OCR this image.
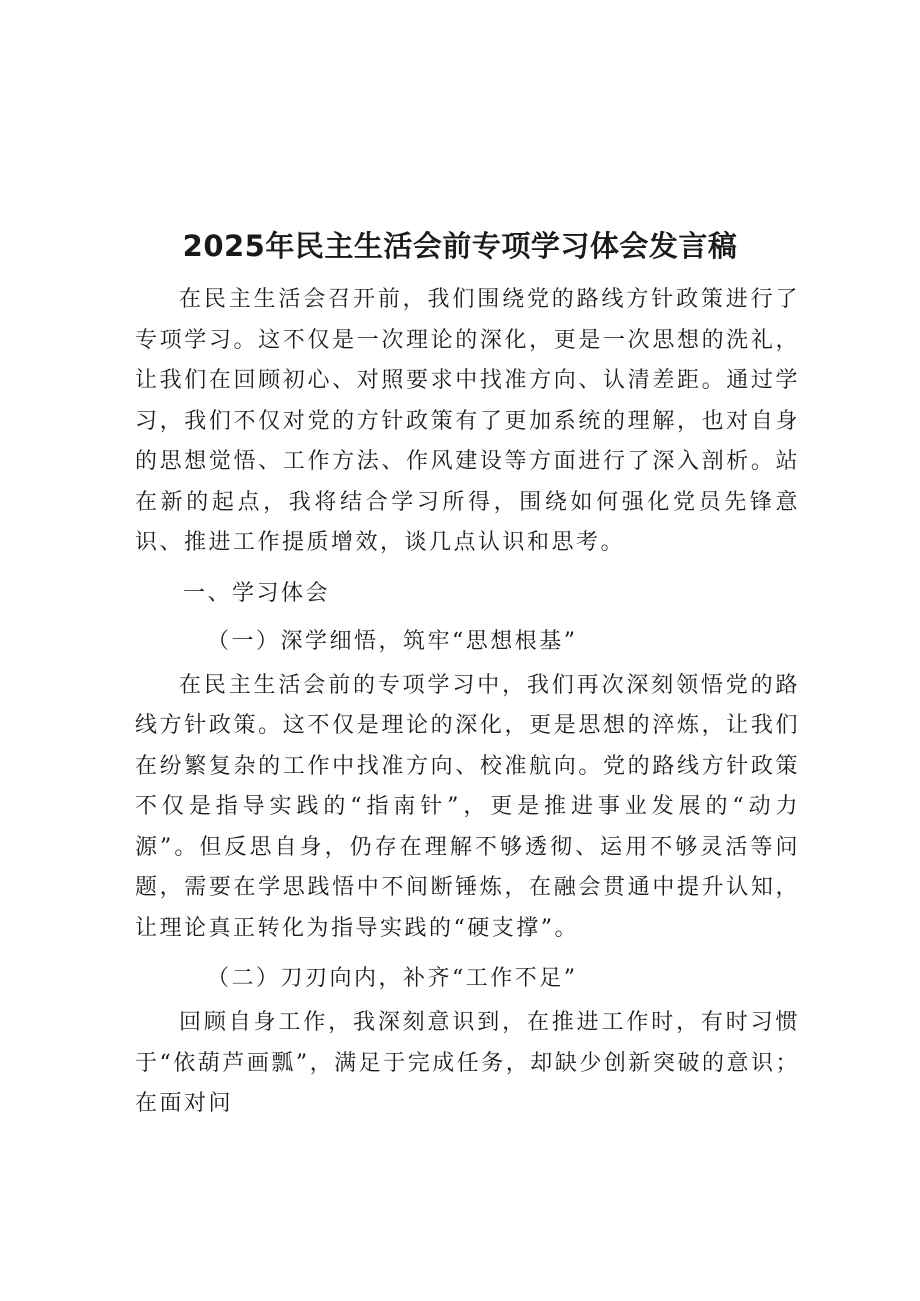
2025年民主生活会前专项学习体会发言稿

在民主生活会召开前，我们围绕党的路线方针政策进行了专项学习。这不仅是一次理论的深化，更是一次思想的洗礼，让我们在回顾初心、对照要求中找准方向、认清差距。通过学习，我们不仅对党的方针政策有了更加系统的理解，也对自身的思想觉悟、工作方法、作风建设等方面进行了深入剖析。站在新的起点，我将结合学习所得，围绕如何强化党员先锋意识、推进工作提质增效，谈几点认识和思考。

一、学习体会

（一）深学细悟，筑牢“思想根基”

在民主生活会前的专项学习中，我们再次深刻领悟党的路线方针政策。这不仅是理论的深化，更是思想的淬炼，让我们在纷繁复杂的工作中找准方向、校准航向。党的路线方针政策不仅是指导实践的“指南针”，更是推进事业发展的“动力源”。但反思自身，仍存在理解不够透彻、运用不够灵活等问题，需要在学思践悟中不间断锤炼，在融会贯通中提升认知，让理论真正转化为指导实践的“硬支撑”。

（二）刀刃向内，补齐“工作不足”

回顾自身工作，我深刻意识到，在推进工作时，有时习惯于“依葫芦画瓢”，满足于完成任务，却缺少创新突破的意识；在面对问
